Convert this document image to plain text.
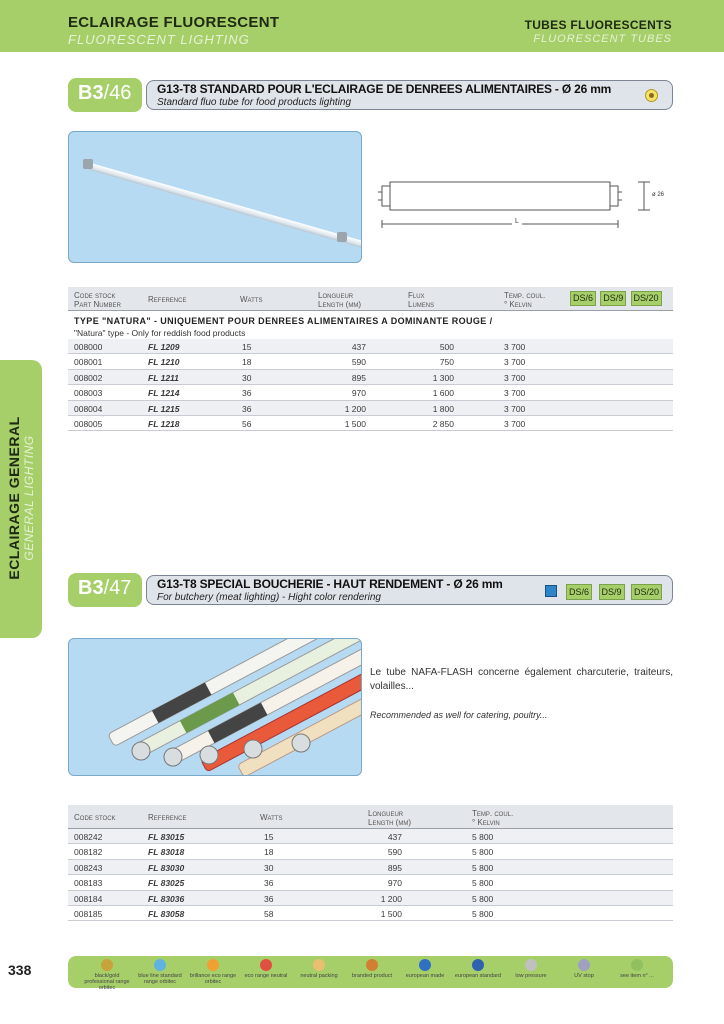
ECLAIRAGE FLUORESCENT
FLUORESCENT LIGHTING
TUBES FLUORESCENTS
FLUORESCENT TUBES
ECLAIRAGE GENERAL GENERAL LIGHTING
B3/46	G13-T8 STANDARD POUR L'ECLAIRAGE DE DENREES ALIMENTAIRES - Ø 26 mm
Standard fluo tube for food products lighting
ø 26
L
Code stock
Part Number
Reference	Watts	Longueur
Length (mm)
Flux
Lumens
Temp. coul.
° Kelvin
DS/6 DS/9 DS/20
TYPE "NATURA" - UNIQUEMENT POUR DENREES ALIMENTAIRES A DOMINANTE ROUGE /
"Natura" type - Only for reddish food products
008000	FL 1209	15	437	500	3 700
008001	FL 1210	18	590	750	3 700
008002	FL 1211	30	895	1 300	3 700
008003	FL 1214	36	970	1 600	3 700
008004	FL 1215	36	1 200	1 800	3 700
008005	FL 1218	56	1 500	2 850	3 700
B3/47	G13-T8 SPECIAL BOUCHERIE - HAUT RENDEMENT - Ø 26 mm
For butchery (meat lighting) - Hight color rendering	DS/6 DS/9 DS/20
Le tube NAFA-FLASH concerne également charcuterie, traiteurs, volailles...
Recommended as well for catering, poultry...
Code stock	Reference	Watts	Longueur
Length (mm)
Temp. coul.
° Kelvin
008242	FL 83015	15	437	5 800
008182	FL 83018	18	590	5 800
008243	FL 83030	30	895	5 800
008183	FL 83025	36	970	5 800
008184	FL 83036	36	1 200	5 800
008185	FL 83058	58	1 500	5 800
338	black/gold professional range orbitec
blue line standard range orbitec
brillance eco range orbitec
eco range neutral	neutral packing	branded product	european made	european standard	low pressure	UV stop	see item n° ...
